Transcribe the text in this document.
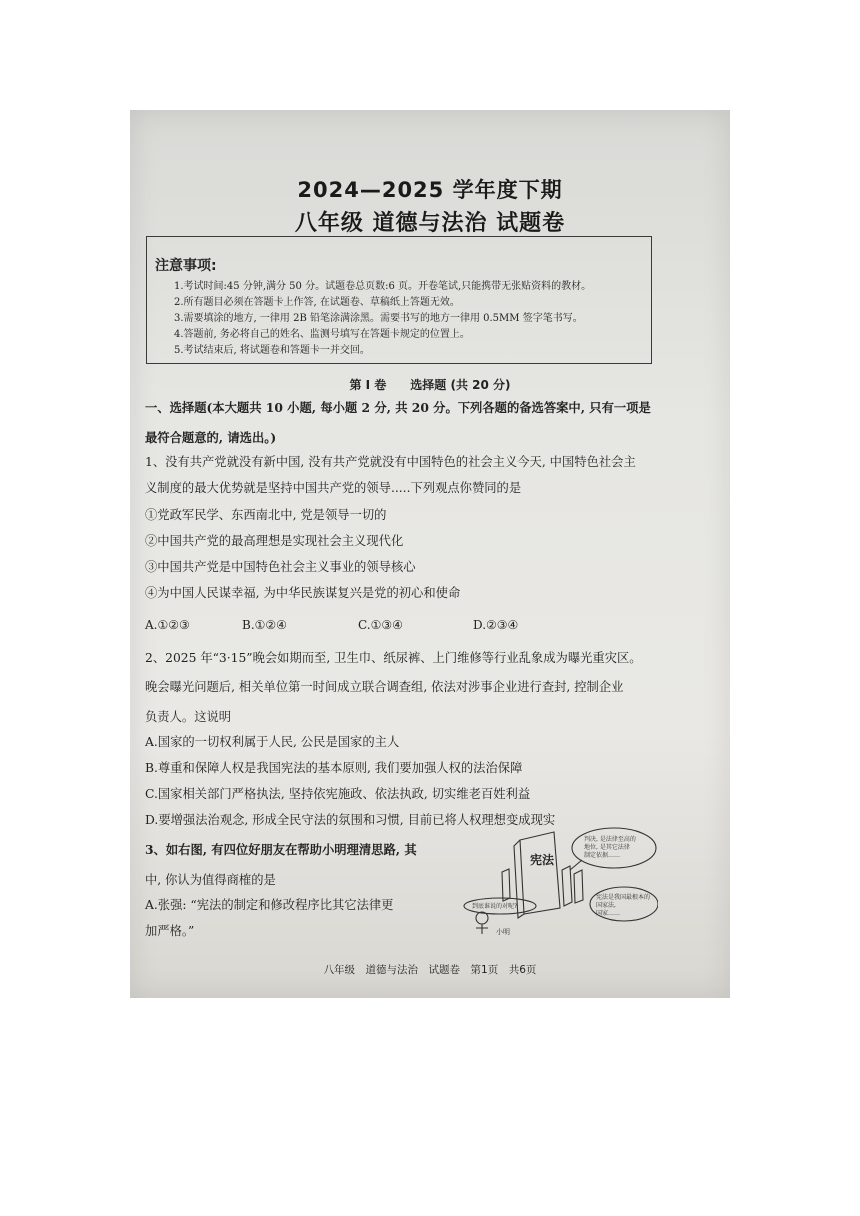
2024—2025 学年度下期
八年级 道德与法治 试题卷
注意事项:
1.考试时间:45 分钟,满分 50 分。试题卷总页数:6 页。开卷笔试,只能携带无张贴资料的教材。
2.所有题目必须在答题卡上作答, 在试题卷、草稿纸上答题无效。
3.需要填涂的地方, 一律用 2B 铅笔涂满涂黑。需要书写的地方一律用 0.5MM 签字笔书写。
4.答题前, 务必将自己的姓名、监测号填写在答题卡规定的位置上。
5.考试结束后, 将试题卷和答题卡一并交回。
第 I 卷　　选择题 (共 20 分)
一、选择题(本大题共 10 小题, 每小题 2 分, 共 20 分。下列各题的备选答案中, 只有一项是
最符合题意的, 请选出。)
1、没有共产党就没有新中国, 没有共产党就没有中国特色的社会主义今天, 中国特色社会主
义制度的最大优势就是坚持中国共产党的领导.....下列观点你赞同的是
①党政军民学、东西南北中, 党是领导一切的
②中国共产党的最高理想是实现社会主义现代化
③中国共产党是中国特色社会主义事业的领导核心
④为中国人民谋幸福, 为中华民族谋复兴是党的初心和使命
A.①②③	B.①②④	C.①③④	D.②③④
2、2025 年“3·15”晚会如期而至, 卫生巾、纸尿裤、上门维修等行业乱象成为曝光重灾区。
晚会曝光问题后, 相关单位第一时间成立联合调查组, 依法对涉事企业进行查封, 控制企业
负责人。这说明
A.国家的一切权利属于人民, 公民是国家的主人
B.尊重和保障人权是我国宪法的基本原则, 我们要加强人权的法治保障
C.国家相关部门严格执法, 坚持依宪施政、依法执政, 切实维老百姓利益
D.要增强法治观念, 形成全民守法的氛围和习惯, 目前已将人权理想变成现实
3、如右图, 有四位好朋友在帮助小明理清思路, 其
中, 你认为值得商榷的是
A.张强: “宪法的制定和修改程序比其它法律更
加严格。”
宪法
判决, 是法律至高的 地位, 是其它法律 制定依据……
到底谁说的对呢?
宪法是我国最根本的 国家法, 国家……
小明
八年级　道德与法治　试题卷　第1页　共6页
